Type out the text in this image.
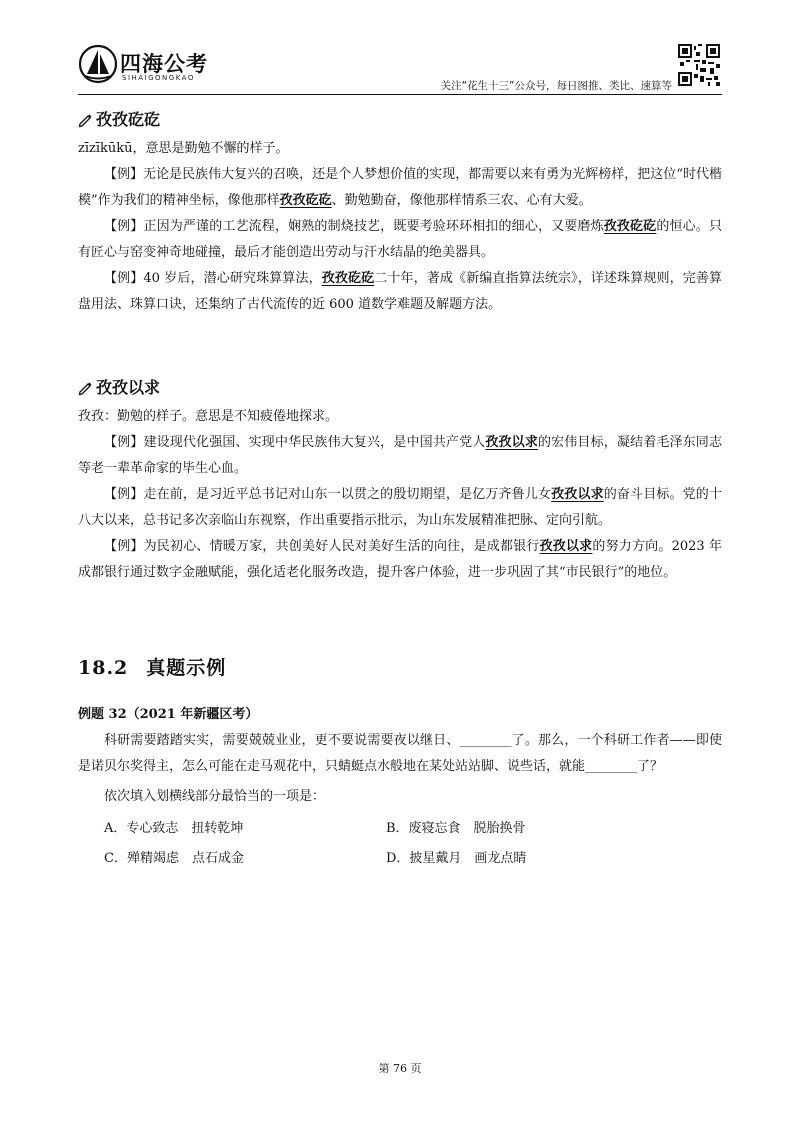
四海公考
SIHAIGONGKAO
关注“花生十三”公众号，每日图推、类比、速算等
孜孜矻矻

zīzīkūkū，意思是勤勉不懈的样子。

【例】无论是民族伟大复兴的召唤，还是个人梦想价值的实现，都需要以来有勇为光辉榜样，把这位“时代楷模”作为我们的精神坐标，像他那样孜孜矻矻、勤勉勤奋，像他那样情系三农、心有大爱。

【例】正因为严谨的工艺流程，娴熟的制烧技艺，既要考验环环相扣的细心，又要磨炼孜孜矻矻的恒心。只有匠心与窑变神奇地碰撞，最后才能创造出劳动与汗水结晶的绝美器具。

【例】40 岁后，潜心研究珠算算法，孜孜矻矻二十年，著成《新编直指算法统宗》，详述珠算规则，完善算盘用法、珠算口诀，还集纳了古代流传的近 600 道数学难题及解题方法。

孜孜以求

孜孜：勤勉的样子。意思是不知疲倦地探求。

【例】建设现代化强国、实现中华民族伟大复兴，是中国共产党人孜孜以求的宏伟目标，凝结着毛泽东同志等老一辈革命家的毕生心血。

【例】走在前，是习近平总书记对山东一以贯之的殷切期望，是亿万齐鲁儿女孜孜以求的奋斗目标。党的十八大以来，总书记多次亲临山东视察，作出重要指示批示，为山东发展精准把脉、定向引航。

【例】为民初心、情暖万家，共创美好人民对美好生活的向往，是成都银行孜孜以求的努力方向。2023 年成都银行通过数字金融赋能，强化适老化服务改造，提升客户体验，进一步巩固了其“市民银行”的地位。

18.2 真题示例
例题 32（2021 年新疆区考）

科研需要踏踏实实，需要兢兢业业，更不要说需要夜以继日、________了。那么，一个科研工作者——即使是诺贝尔奖得主，怎么可能在走马观花中，只蜻蜓点水般地在某处站站脚、说些话，就能________了？

依次填入划横线部分最恰当的一项是：

A．专心致志　扭转乾坤	B．废寝忘食　脱胎换骨
C．殚精竭虑　点石成金	D．披星戴月　画龙点睛
第 76 页
